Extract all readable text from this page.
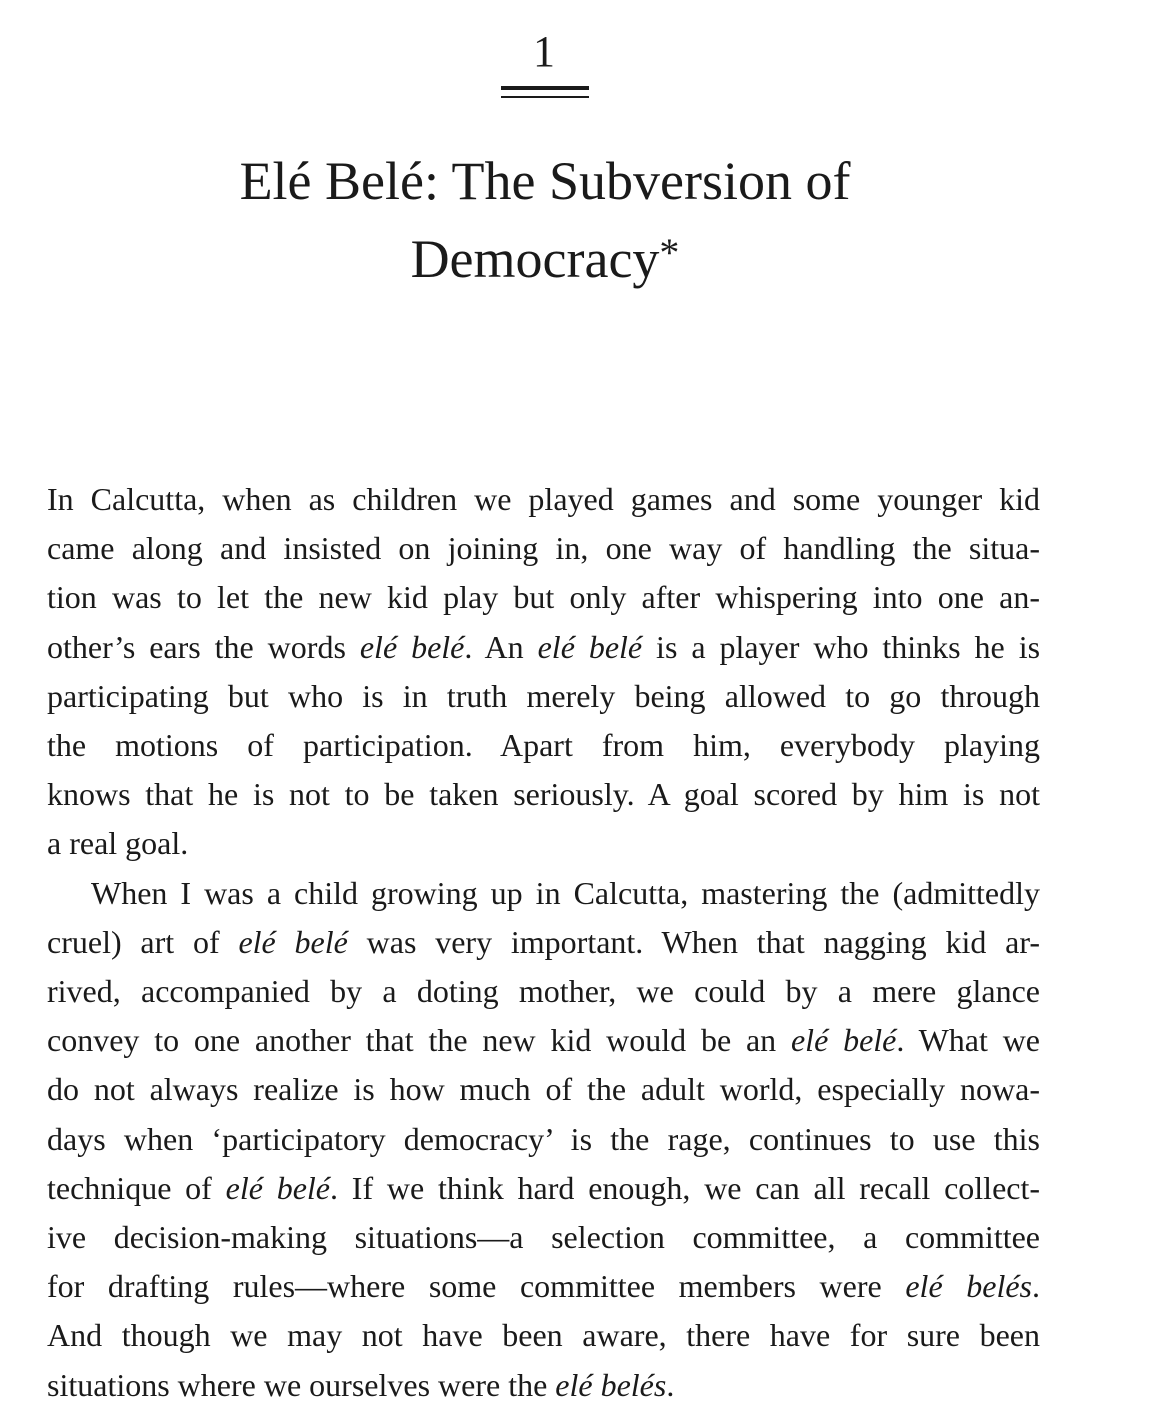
1
Elé Belé: The Subversion of
Democracy*
In Calcutta, when as children we played games and some younger kid
came along and insisted on joining in, one way of handling the situa-
tion was to let the new kid play but only after whispering into one an-
other’s ears the words elé belé. An elé belé is a player who thinks he is
participating but who is in truth merely being allowed to go through
the motions of participation. Apart from him, everybody playing
knows that he is not to be taken seriously. A goal scored by him is not
a real goal.
When I was a child growing up in Calcutta, mastering the (admittedly
cruel) art of elé belé was very important. When that nagging kid ar-
rived, accompanied by a doting mother, we could by a mere glance
convey to one another that the new kid would be an elé belé. What we
do not always realize is how much of the adult world, especially nowa-
days when ‘participatory democracy’ is the rage, continues to use this
technique of elé belé. If we think hard enough, we can all recall collect-
ive decision-making situations—a selection committee, a committee
for drafting rules—where some committee members were elé belés.
And though we may not have been aware, there have for sure been
situations where we ourselves were the elé belés.
